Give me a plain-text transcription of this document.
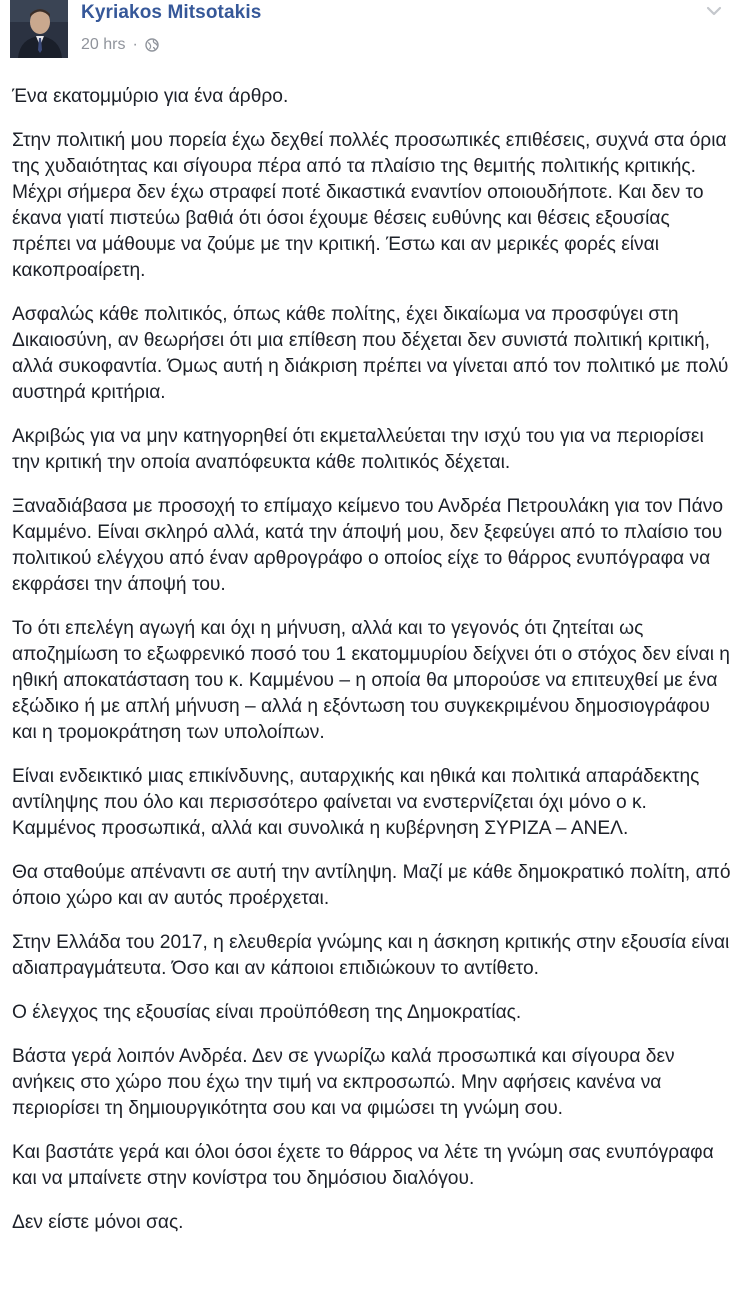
Kyriakos Mitsotakis
20 hrs ·

Ένα εκατομμύριο για ένα άρθρο.

Στην πολιτική μου πορεία έχω δεχθεί πολλές προσωπικές επιθέσεις, συχνά στα όρια της χυδαιότητας και σίγουρα πέρα από τα πλαίσιο της θεμιτής πολιτικής κριτικής. Μέχρι σήμερα δεν έχω στραφεί ποτέ δικαστικά εναντίον οποιουδήποτε. Και δεν το έκανα γιατί πιστεύω βαθιά ότι όσοι έχουμε θέσεις ευθύνης και θέσεις εξουσίας πρέπει να μάθουμε να ζούμε με την κριτική. Έστω και αν μερικές φορές είναι κακοπροαίρετη.

Ασφαλώς κάθε πολιτικός, όπως κάθε πολίτης, έχει δικαίωμα να προσφύγει στη Δικαιοσύνη, αν θεωρήσει ότι μια επίθεση που δέχεται δεν συνιστά πολιτική κριτική, αλλά συκοφαντία. Όμως αυτή η διάκριση πρέπει να γίνεται από τον πολιτικό με πολύ αυστηρά κριτήρια.

Ακριβώς για να μην κατηγορηθεί ότι εκμεταλλεύεται την ισχύ του για να περιορίσει την κριτική την οποία αναπόφευκτα κάθε πολιτικός δέχεται.

Ξαναδιάβασα με προσοχή το επίμαχο κείμενο του Ανδρέα Πετρουλάκη για τον Πάνο Καμμένο. Είναι σκληρό αλλά, κατά την άποψή μου, δεν ξεφεύγει από το πλαίσιο του πολιτικού ελέγχου από έναν αρθρογράφο ο οποίος είχε το θάρρος ενυπόγραφα να εκφράσει την άποψή του.

Το ότι επελέγη αγωγή και όχι η μήνυση, αλλά και το γεγονός ότι ζητείται ως αποζημίωση το εξωφρενικό ποσό του 1 εκατομμυρίου δείχνει ότι ο στόχος δεν είναι η ηθική αποκατάσταση του κ. Καμμένου – η οποία θα μπορούσε να επιτευχθεί με ένα εξώδικο ή με απλή μήνυση – αλλά η εξόντωση του συγκεκριμένου δημοσιογράφου και η τρομοκράτηση των υπολοίπων.

Είναι ενδεικτικό μιας επικίνδυνης, αυταρχικής και ηθικά και πολιτικά απαράδεκτης αντίληψης που όλο και περισσότερο φαίνεται να ενστερνίζεται όχι μόνο ο κ. Καμμένος προσωπικά, αλλά και συνολικά η κυβέρνηση ΣΥΡΙΖΑ – ΑΝΕΛ.

Θα σταθούμε απέναντι σε αυτή την αντίληψη. Μαζί με κάθε δημοκρατικό πολίτη, από όποιο χώρο και αν αυτός προέρχεται.

Στην Ελλάδα του 2017, η ελευθερία γνώμης και η άσκηση κριτικής στην εξουσία είναι αδιαπραγμάτευτα. Όσο και αν κάποιοι επιδιώκουν το αντίθετο.

Ο έλεγχος της εξουσίας είναι προϋπόθεση της Δημοκρατίας.

Βάστα γερά λοιπόν Ανδρέα. Δεν σε γνωρίζω καλά προσωπικά και σίγουρα δεν ανήκεις στο χώρο που έχω την τιμή να εκπροσωπώ. Μην αφήσεις κανένα να περιορίσει τη δημιουργικότητα σου και να φιμώσει τη γνώμη σου.

Και βαστάτε γερά και όλοι όσοι έχετε το θάρρος να λέτε τη γνώμη σας ενυπόγραφα και να μπαίνετε στην κονίστρα του δημόσιου διαλόγου.

Δεν είστε μόνοι σας.
